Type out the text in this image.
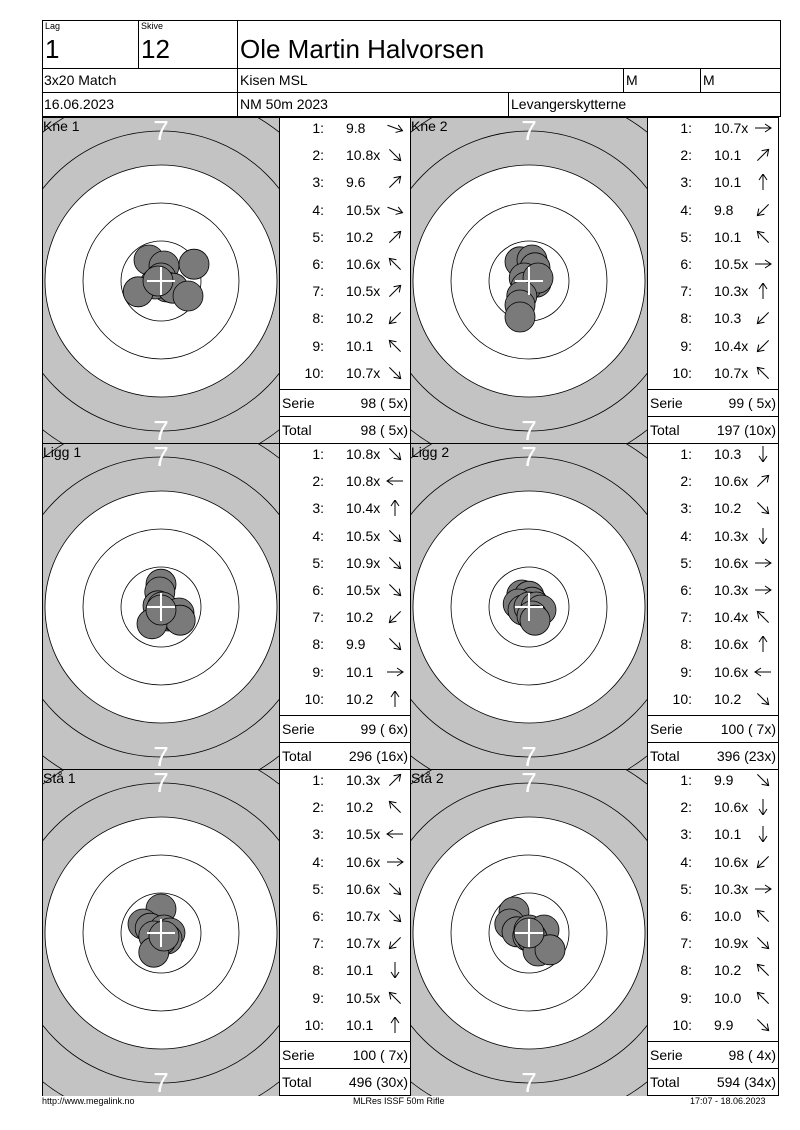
Lag
1
Skive
12	Ole Martin Halvorsen
3x20 Match	Kisen MSL	M	M
16.06.2023	NM 50m 2023	Levangerskytterne
7
7
8
8
8	8
Kne 1	1: 9.8
2: 10.8x
3: 9.6
4: 10.5x
5: 10.2
6: 10.6x
7: 10.5x
8: 10.2
9: 10.1
10: 10.7x
Serie	98 ( 5x)
Total	98 ( 5x)
7
7
8
8
8	8
Kne 2	1: 10.7x
2: 10.1
3: 10.1
4: 9.8
5: 10.1
6: 10.5x
7: 10.3x
8: 10.3
9: 10.4x
10: 10.7x
Serie	99 ( 5x)
Total	197 (10x)
7
7
8
8
8	8
Ligg 1	1: 10.8x
2: 10.8x
3: 10.4x
4: 10.5x
5: 10.9x
6: 10.5x
7: 10.2
8: 9.9
9: 10.1
10: 10.2
Serie	99 ( 6x)
Total	296 (16x)
7
7
8
8
8	8
Ligg 2	1: 10.3
2: 10.6x
3: 10.2
4: 10.3x
5: 10.6x
6: 10.3x
7: 10.4x
8: 10.6x
9: 10.6x
10: 10.2
Serie	100 ( 7x)
Total	396 (23x)
7
7
8
8
8	8
Stå 1	1: 10.3x
2: 10.2
3: 10.5x
4: 10.6x
5: 10.6x
6: 10.7x
7: 10.7x
8: 10.1
9: 10.5x
10: 10.1
Serie	100 ( 7x)
Total	496 (30x)
7
7
8
8
8	8
Stå 2	1: 9.9
2: 10.6x
3: 10.1
4: 10.6x
5: 10.3x
6: 10.0
7: 10.9x
8: 10.2
9: 10.0
10: 9.9
Serie	98 ( 4x)
Total	594 (34x)
http://www.megalink.no	MLRes ISSF 50m Rifle	17:07 - 18.06.2023
